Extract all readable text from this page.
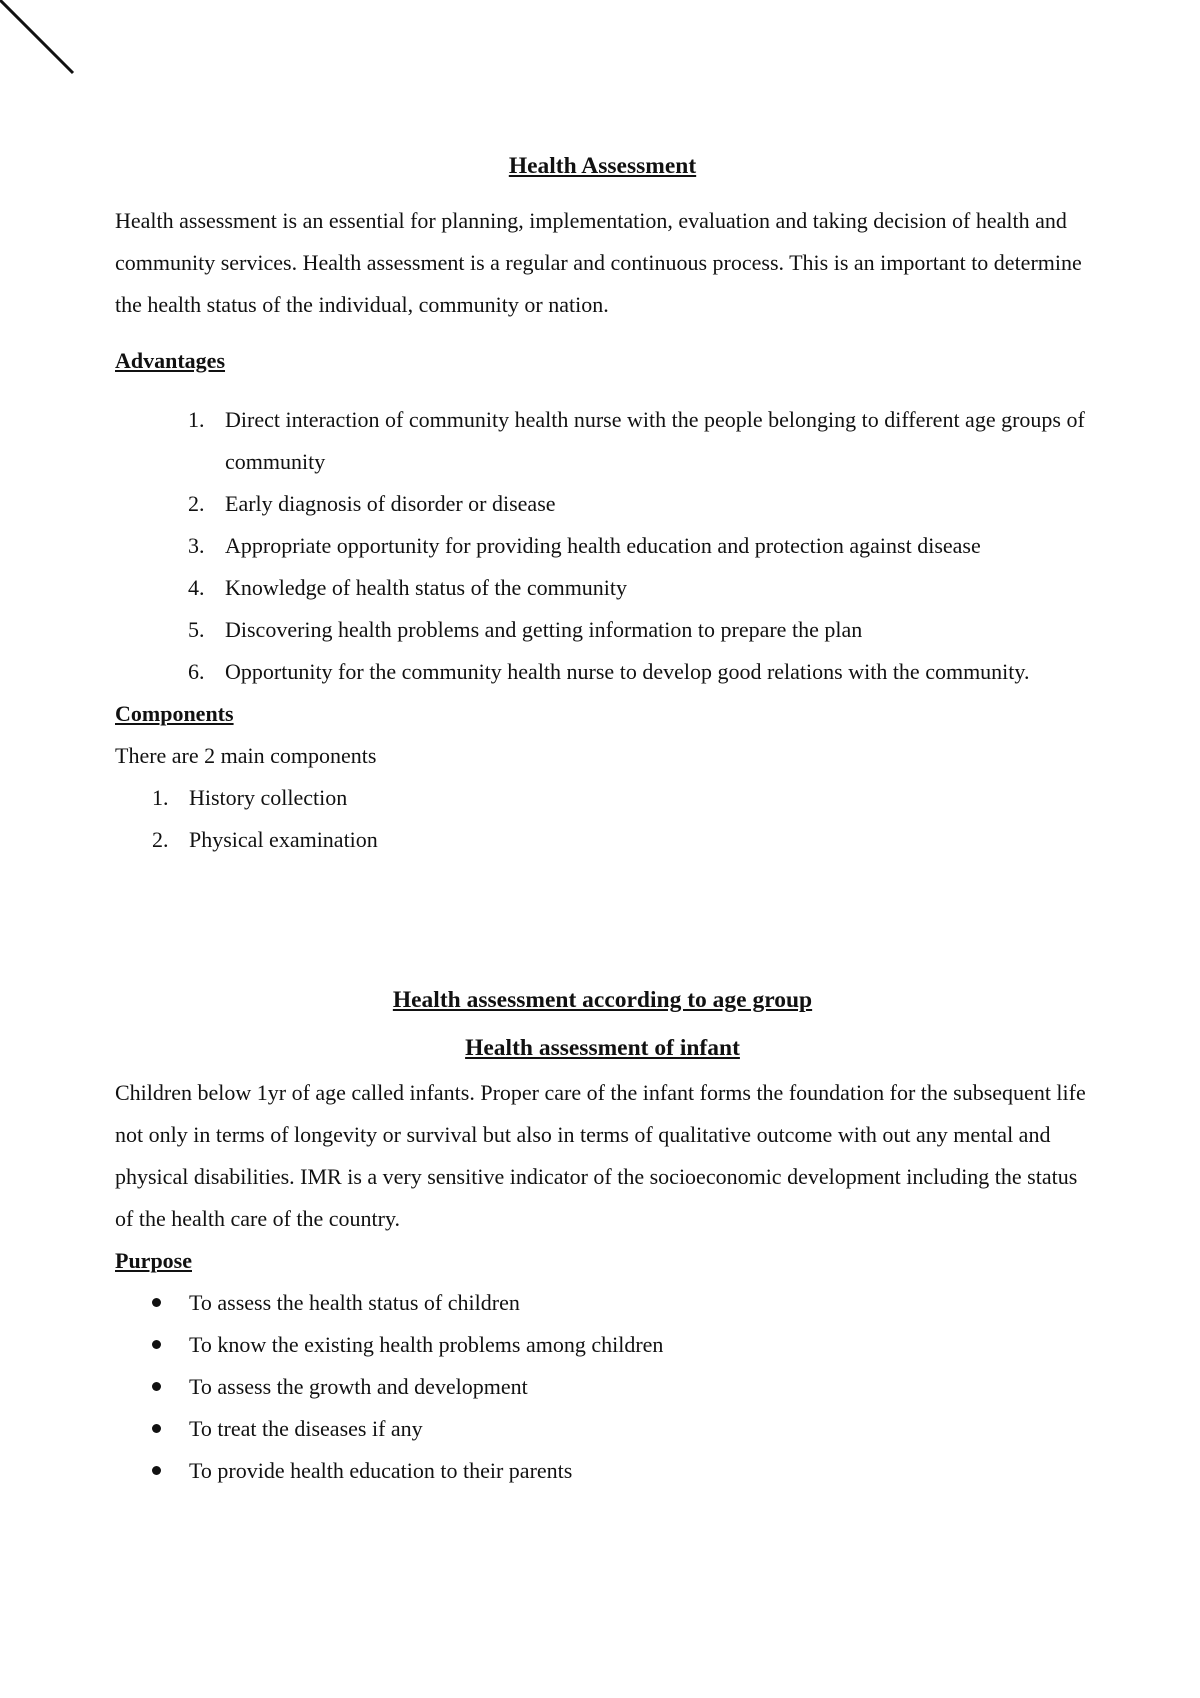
Health Assessment

Health assessment is an essential for planning, implementation, evaluation and taking decision of health and community services. Health assessment is a regular and continuous process. This is an important to determine the health status of the individual, community or nation.

Advantages

1. Direct interaction of community health nurse with the people belonging to different age groups of community
2. Early diagnosis of disorder or disease
3. Appropriate opportunity for providing health education and protection against disease
4. Knowledge of health status of the community
5. Discovering health problems and getting information to prepare the plan
6. Opportunity for the community health nurse to develop good relations with the community.

Components

There are 2 main components

1. History collection
2. Physical examination
Health assessment according to age group
Health assessment of infant

Children below 1yr of age called infants. Proper care of the infant forms the foundation for the subsequent life not only in terms of longevity or survival but also in terms of qualitative outcome with out any mental and physical disabilities. IMR is a very sensitive indicator of the socioeconomic development including the status of the health care of the country.

Purpose

To assess the health status of children
To know the existing health problems among children
To assess the growth and development
To treat the diseases if any
To provide health education to their parents
